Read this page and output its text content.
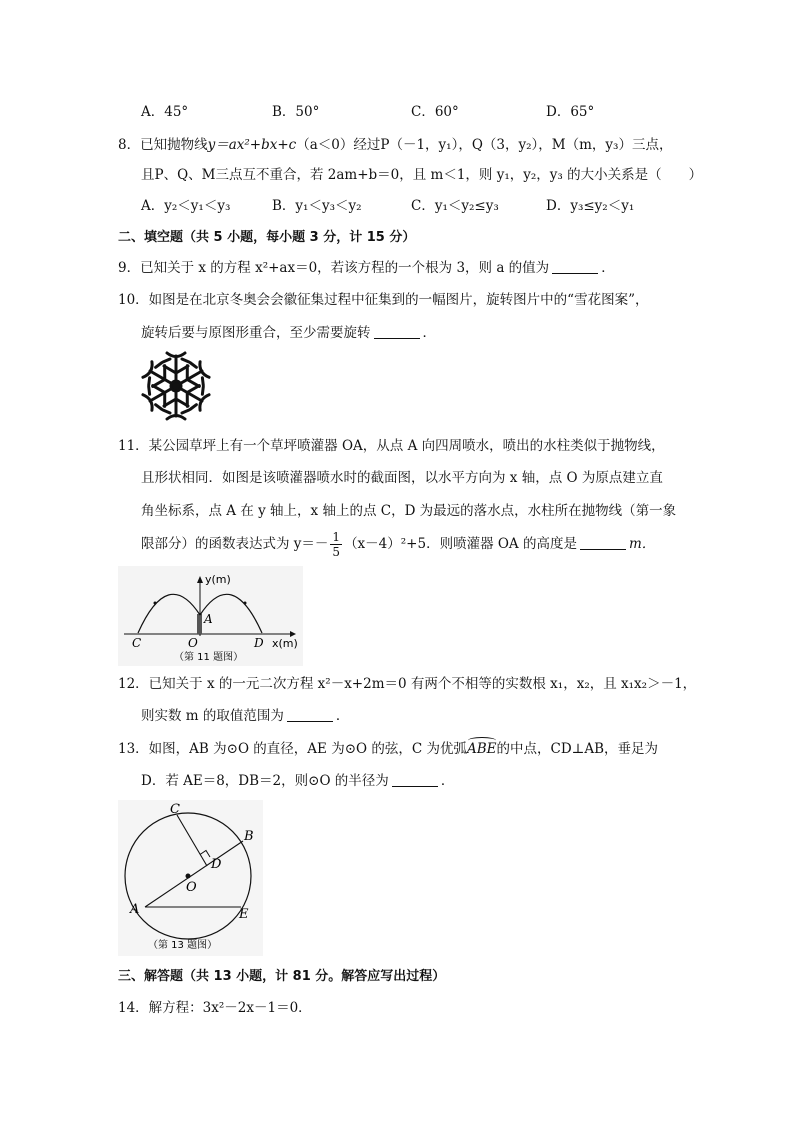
A．45°	B．50°	C．60°	D．65°
8．已知抛物线y＝ax²+bx+c（a＜0）经过P（－1，y₁），Q（3，y₂），M（m，y₃）三点，
且P、Q、M三点互不重合，若 2am+b＝0，且 m＜1，则 y₁，y₂，y₃ 的大小关系是（　　）
A．y₂＜y₁＜y₃	B．y₁＜y₃＜y₂	C．y₁＜y₂≤y₃	D．y₃≤y₂＜y₁
二、填空题（共 5 小题，每小题 3 分，计 15 分）
9．已知关于 x 的方程 x²+ax＝0，若该方程的一个根为 3，则 a 的值为	．
10．如图是在北京冬奥会会徽征集过程中征集到的一幅图片，旋转图片中的“雪花图案”，
旋转后要与原图形重合，至少需要旋转	．
11．某公园草坪上有一个草坪喷灌器 OA，从点 A 向四周喷水，喷出的水柱类似于抛物线，
且形状相同．如图是该喷灌器喷水时的截面图，以水平方向为 x 轴，点 O 为原点建立直
角坐标系，点 A 在 y 轴上，x 轴上的点 C，D 为最远的落水点，水柱所在抛物线（第一象
限部分）的函数表达式为 $y=- \frac{1}{5} (x-4)^2+5$．则喷灌器 OA 的高度是	m．
y(m)
x(m)
C	O
A
D
（第 11 题图）
12．已知关于 x 的一元二次方程 x²－x+2m＝0 有两个不相等的实数根 x₁，x₂，且 x₁x₂＞－1，
则实数 m 的取值范围为	．
13．如图，AB 为⊙O 的直径，AE 为⊙O 的弦，C 为优弧ABE的中点，CD⊥AB，垂足为
D．若 AE＝8，DB＝2，则⊙O 的半径为	．
C
B
D
O
A	E
（第 13 题图）
三、解答题（共 13 小题，计 81 分。解答应写出过程）
14．解方程：3x²－2x－1＝0．
